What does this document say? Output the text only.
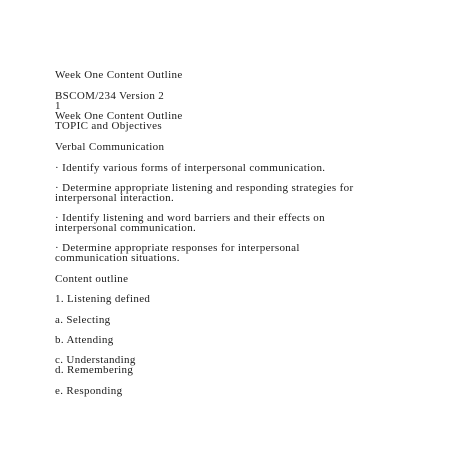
Week One Content Outline

BSCOM/234 Version 2

1

Week One Content Outline

TOPIC and Objectives

Verbal Communication

· Identify various forms of interpersonal communication.

· Determine appropriate listening and responding strategies for

interpersonal interaction.

· Identify listening and word barriers and their effects on

interpersonal communication.

· Determine appropriate responses for interpersonal

communication situations.

Content outline

1. Listening defined

a. Selecting

b. Attending

c. Understanding

d. Remembering

e. Responding
